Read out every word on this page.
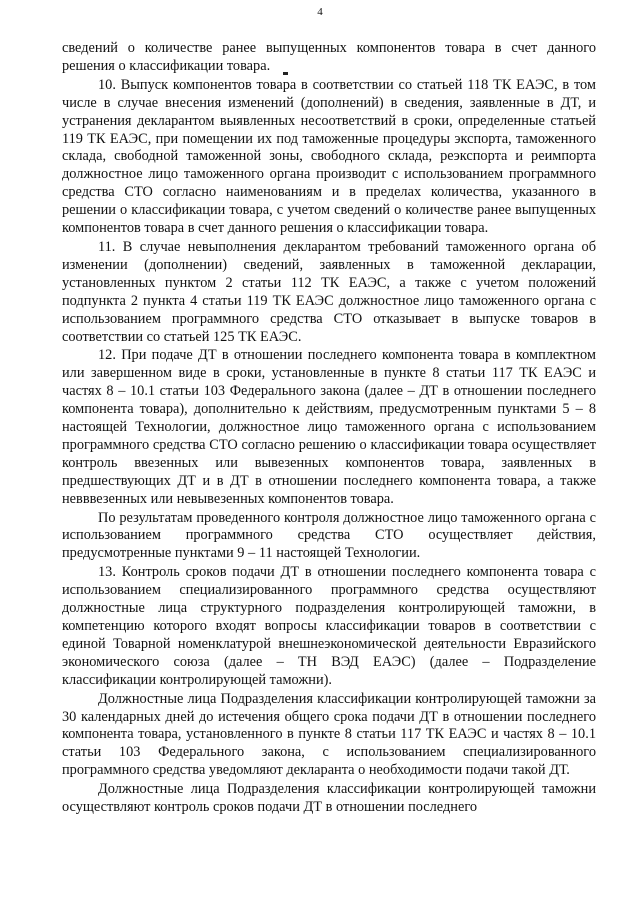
4

сведений о количестве ранее выпущенных компонентов товара в счет данного решения о классификации товара.

10. Выпуск компонентов товара в соответствии со статьей 118 ТК ЕАЭС, в том числе в случае внесения изменений (дополнений) в сведения, заявленные в ДТ, и устранения декларантом выявленных несоответствий в сроки, определенные статьей 119 ТК ЕАЭС, при помещении их под таможенные процедуры экспорта, таможенного склада, свободной таможенной зоны, свободного склада, реэкспорта и реимпорта должностное лицо таможенного органа производит с использованием программного средства СТО согласно наименованиям и в пределах количества, указанного в решении о классификации товара, с учетом сведений о количестве ранее выпущенных компонентов товара в счет данного решения о классификации товара.

11. В случае невыполнения декларантом требований таможенного органа об изменении (дополнении) сведений, заявленных в таможенной декларации, установленных пунктом 2 статьи 112 ТК ЕАЭС, а также с учетом положений подпункта 2 пункта 4 статьи 119 ТК ЕАЭС должностное лицо таможенного органа с использованием программного средства СТО отказывает в выпуске товаров в соответствии со статьей 125 ТК ЕАЭС.

12. При подаче ДТ в отношении последнего компонента товара в комплектном или завершенном виде в сроки, установленные в пункте 8 статьи 117 ТК ЕАЭС и частях 8 – 10.1 статьи 103 Федерального закона (далее – ДТ в отношении последнего компонента товара), дополнительно к действиям, предусмотренным пунктами 5 – 8 настоящей Технологии, должностное лицо таможенного органа с использованием программного средства СТО согласно решению о классификации товара осуществляет контроль ввезенных или вывезенных компонентов товара, заявленных в предшествующих ДТ и в ДТ в отношении последнего компонента товара, а также невввезенных или невывезенных компонентов товара.

По результатам проведенного контроля должностное лицо таможенного органа с использованием программного средства СТО осуществляет действия, предусмотренные пунктами 9 – 11 настоящей Технологии.

13. Контроль сроков подачи ДТ в отношении последнего компонента товара с использованием специализированного программного средства осуществляют должностные лица структурного подразделения контролирующей таможни, в компетенцию которого входят вопросы классификации товаров в соответствии с единой Товарной номенклатурой внешнеэкономической деятельности Евразийского экономического союза (далее – ТН ВЭД ЕАЭС) (далее – Подразделение классификации контролирующей таможни).

Должностные лица Подразделения классификации контролирующей таможни за 30 календарных дней до истечения общего срока подачи ДТ в отношении последнего компонента товара, установленного в пункте 8 статьи 117 ТК ЕАЭС и частях 8 – 10.1 статьи 103 Федерального закона, с использованием специализированного программного средства уведомляют декларанта о необходимости подачи такой ДТ.

Должностные лица Подразделения классификации контролирующей таможни осуществляют контроль сроков подачи ДТ в отношении последнего
